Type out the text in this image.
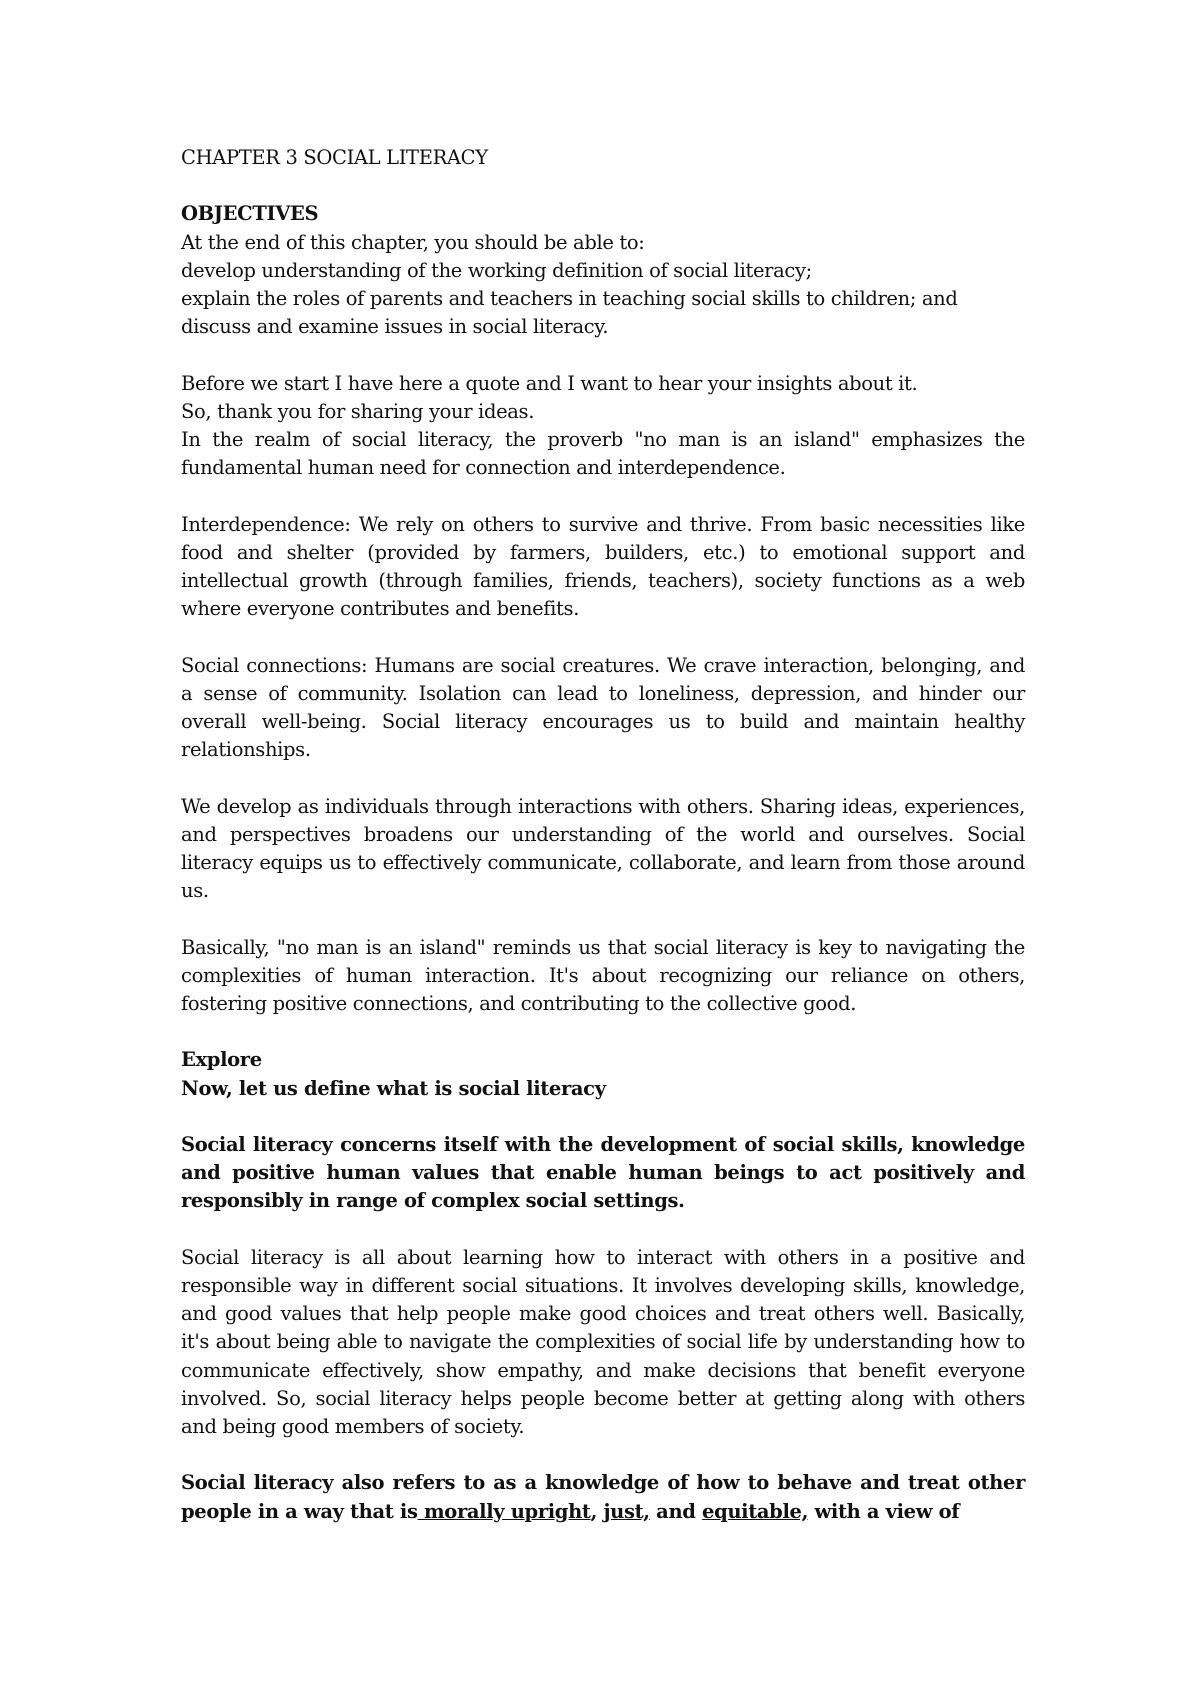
CHAPTER 3 SOCIAL LITERACY

OBJECTIVES

At the end of this chapter, you should be able to:

develop understanding of the working definition of social literacy;

explain the roles of parents and teachers in teaching social skills to children; and

discuss and examine issues in social literacy.

Before we start I have here a quote and I want to hear your insights about it.

So, thank you for sharing your ideas.

In the realm of social literacy, the proverb "no man is an island" emphasizes the fundamental human need for connection and interdependence.

Interdependence: We rely on others to survive and thrive. From basic necessities like food and shelter (provided by farmers, builders, etc.) to emotional support and intellectual growth (through families, friends, teachers), society functions as a web where everyone contributes and benefits.

Social connections: Humans are social creatures. We crave interaction, belonging, and a sense of community. Isolation can lead to loneliness, depression, and hinder our overall well-being. Social literacy encourages us to build and maintain healthy relationships.

We develop as individuals through interactions with others. Sharing ideas, experiences, and perspectives broadens our understanding of the world and ourselves. Social literacy equips us to effectively communicate, collaborate, and learn from those around us.

Basically, "no man is an island" reminds us that social literacy is key to navigating the complexities of human interaction. It's about recognizing our reliance on others, fostering positive connections, and contributing to the collective good.

Explore

Now, let us define what is social literacy

Social literacy concerns itself with the development of social skills, knowledge and positive human values that enable human beings to act positively and responsibly in range of complex social settings.

Social literacy is all about learning how to interact with others in a positive and responsible way in different social situations. It involves developing skills, knowledge, and good values that help people make good choices and treat others well. Basically, it's about being able to navigate the complexities of social life by understanding how to communicate effectively, show empathy, and make decisions that benefit everyone involved. So, social literacy helps people become better at getting along with others and being good members of society.

Social literacy also refers to as a knowledge of how to behave and treat other people in a way that is morally upright, just, and equitable, with a view of
